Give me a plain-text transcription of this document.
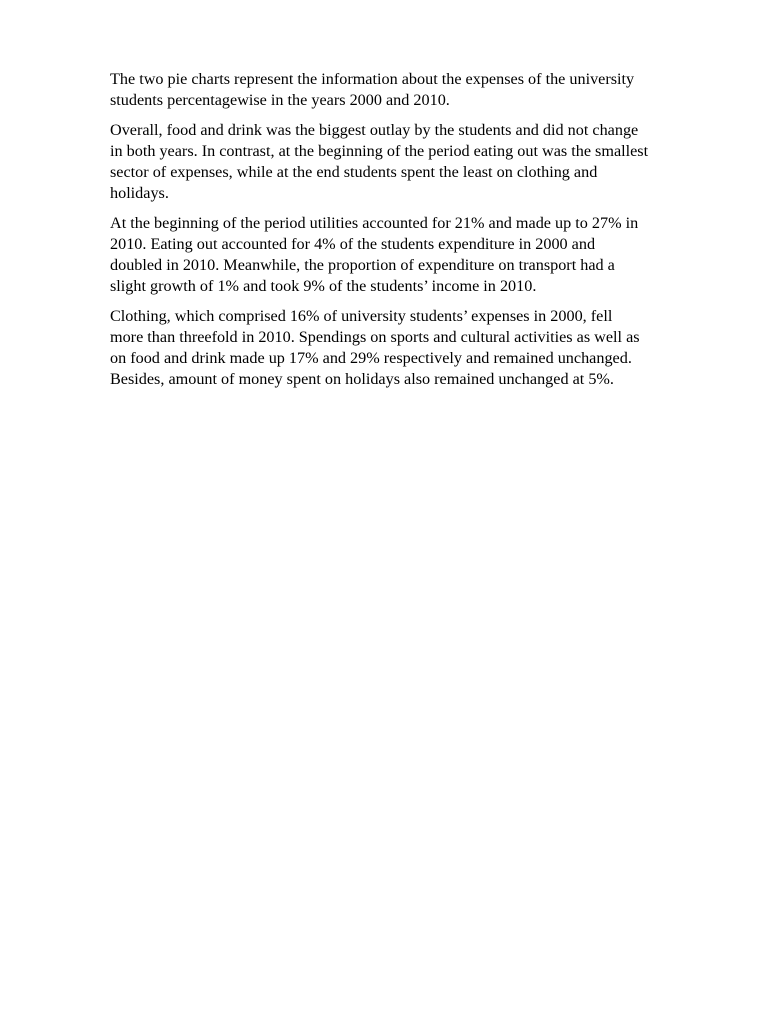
The two pie charts represent the information about the expenses of the university
students percentagewise in the years 2000 and 2010.

Overall, food and drink was the biggest outlay by the students and did not change
in both years. In contrast, at the beginning of the period eating out was the smallest
sector of expenses, while at the end students spent the least on clothing and
holidays.

At the beginning of the period utilities accounted for 21% and made up to 27% in
2010. Eating out accounted for 4% of the students expenditure in 2000 and
doubled in 2010. Meanwhile, the proportion of expenditure on transport had a
slight growth of 1% and took 9% of the students’ income in 2010.

Clothing, which comprised 16% of university students’ expenses in 2000, fell
more than threefold in 2010. Spendings on sports and cultural activities as well as
on food and drink made up 17% and 29% respectively and remained unchanged.
Besides, amount of money spent on holidays also remained unchanged at 5%.
